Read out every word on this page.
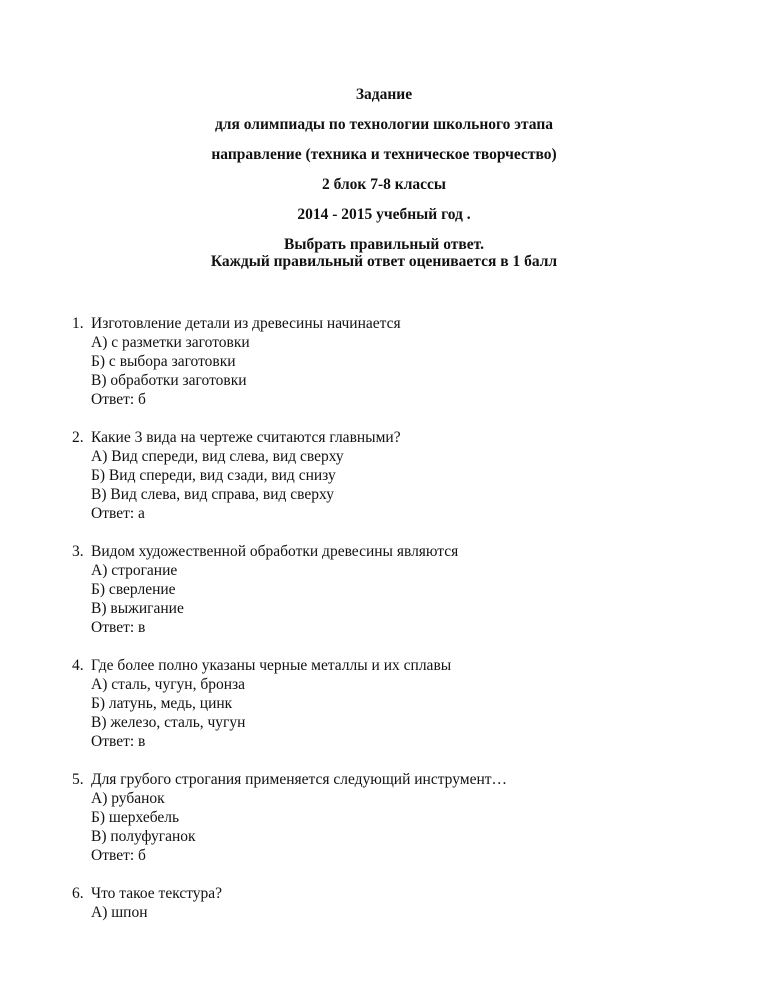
Задание
для олимпиады по технологии школьного этапа
направление (техника и техническое творчество)
2 блок 7-8 классы
2014 - 2015 учебный год .
Выбрать правильный ответ.
Каждый правильный ответ оценивается в 1 балл
1. Изготовление детали из древесины начинается
А) с разметки заготовки
Б) с выбора заготовки
В) обработки заготовки
Ответ: б
2. Какие 3 вида на чертеже считаются главными?
А) Вид спереди, вид слева, вид сверху
Б) Вид спереди, вид сзади, вид снизу
В) Вид слева, вид справа, вид сверху
Ответ: а
3. Видом художественной обработки древесины являются
А) строгание
Б) сверление
В) выжигание
Ответ: в
4. Где более полно указаны черные металлы и их сплавы
А) сталь, чугун, бронза
Б) латунь, медь, цинк
В) железо, сталь, чугун
Ответ: в
5. Для грубого строгания применяется следующий инструмент…
А) рубанок
Б) шерхебель
В) полуфуганок
Ответ: б
6. Что такое текстура?
А) шпон
